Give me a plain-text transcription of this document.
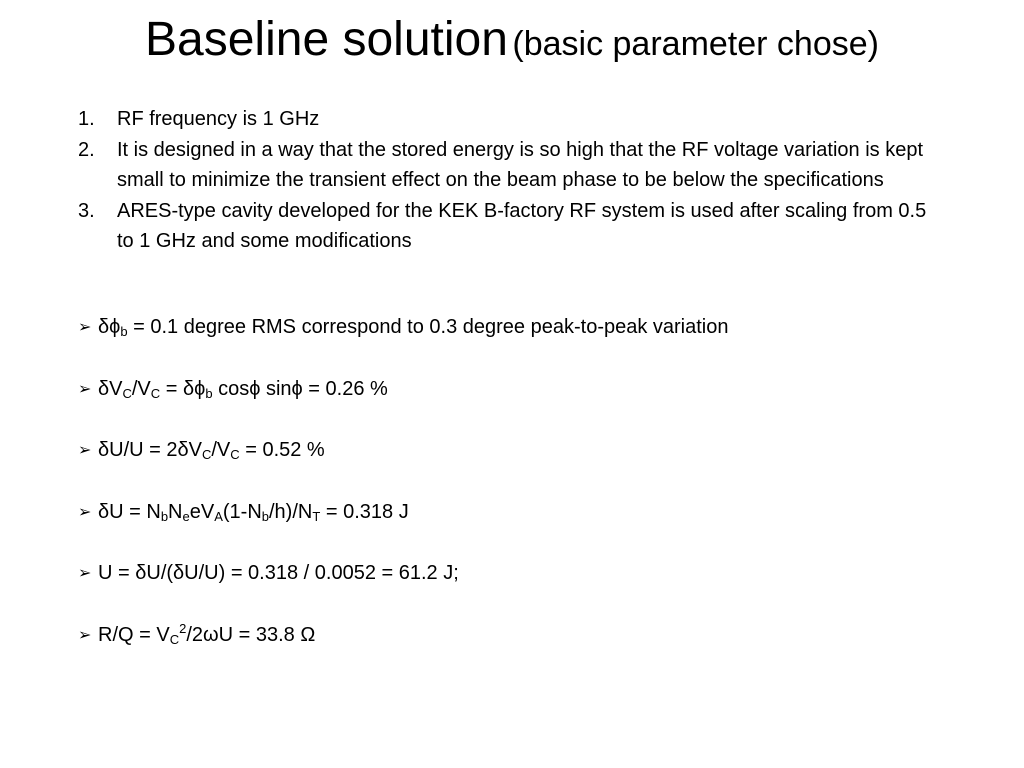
Baseline solution (basic parameter chose)
1. RF frequency is 1 GHz
2. It is designed in a way that the stored energy is so high that the RF voltage variation is kept small to minimize the transient effect on the beam phase to be below the specifications
3. ARES-type cavity developed for the KEK B-factory RF system is used after scaling from 0.5 to 1 GHz and some modifications
➢ $\delta\phi_b = 0.1$ degree RMS correspond to 0.3 degree peak-to-peak variation
➢ $\delta V_C/V_C = \delta\phi_b$ cosϕ sinϕ = 0.26 %
➢ $\delta U/U = 2\delta V_C/V_C = 0.52$ %
➢ $\delta U = N_bN_eeV_A(1-N_b/h)/N_T = 0.318$ J
➢ U = δU/(δU/U) = 0.318 / 0.0052 = 61.2 J;
➢ $R/Q = V_C^2/2\omega U = 33.8$ Ω
